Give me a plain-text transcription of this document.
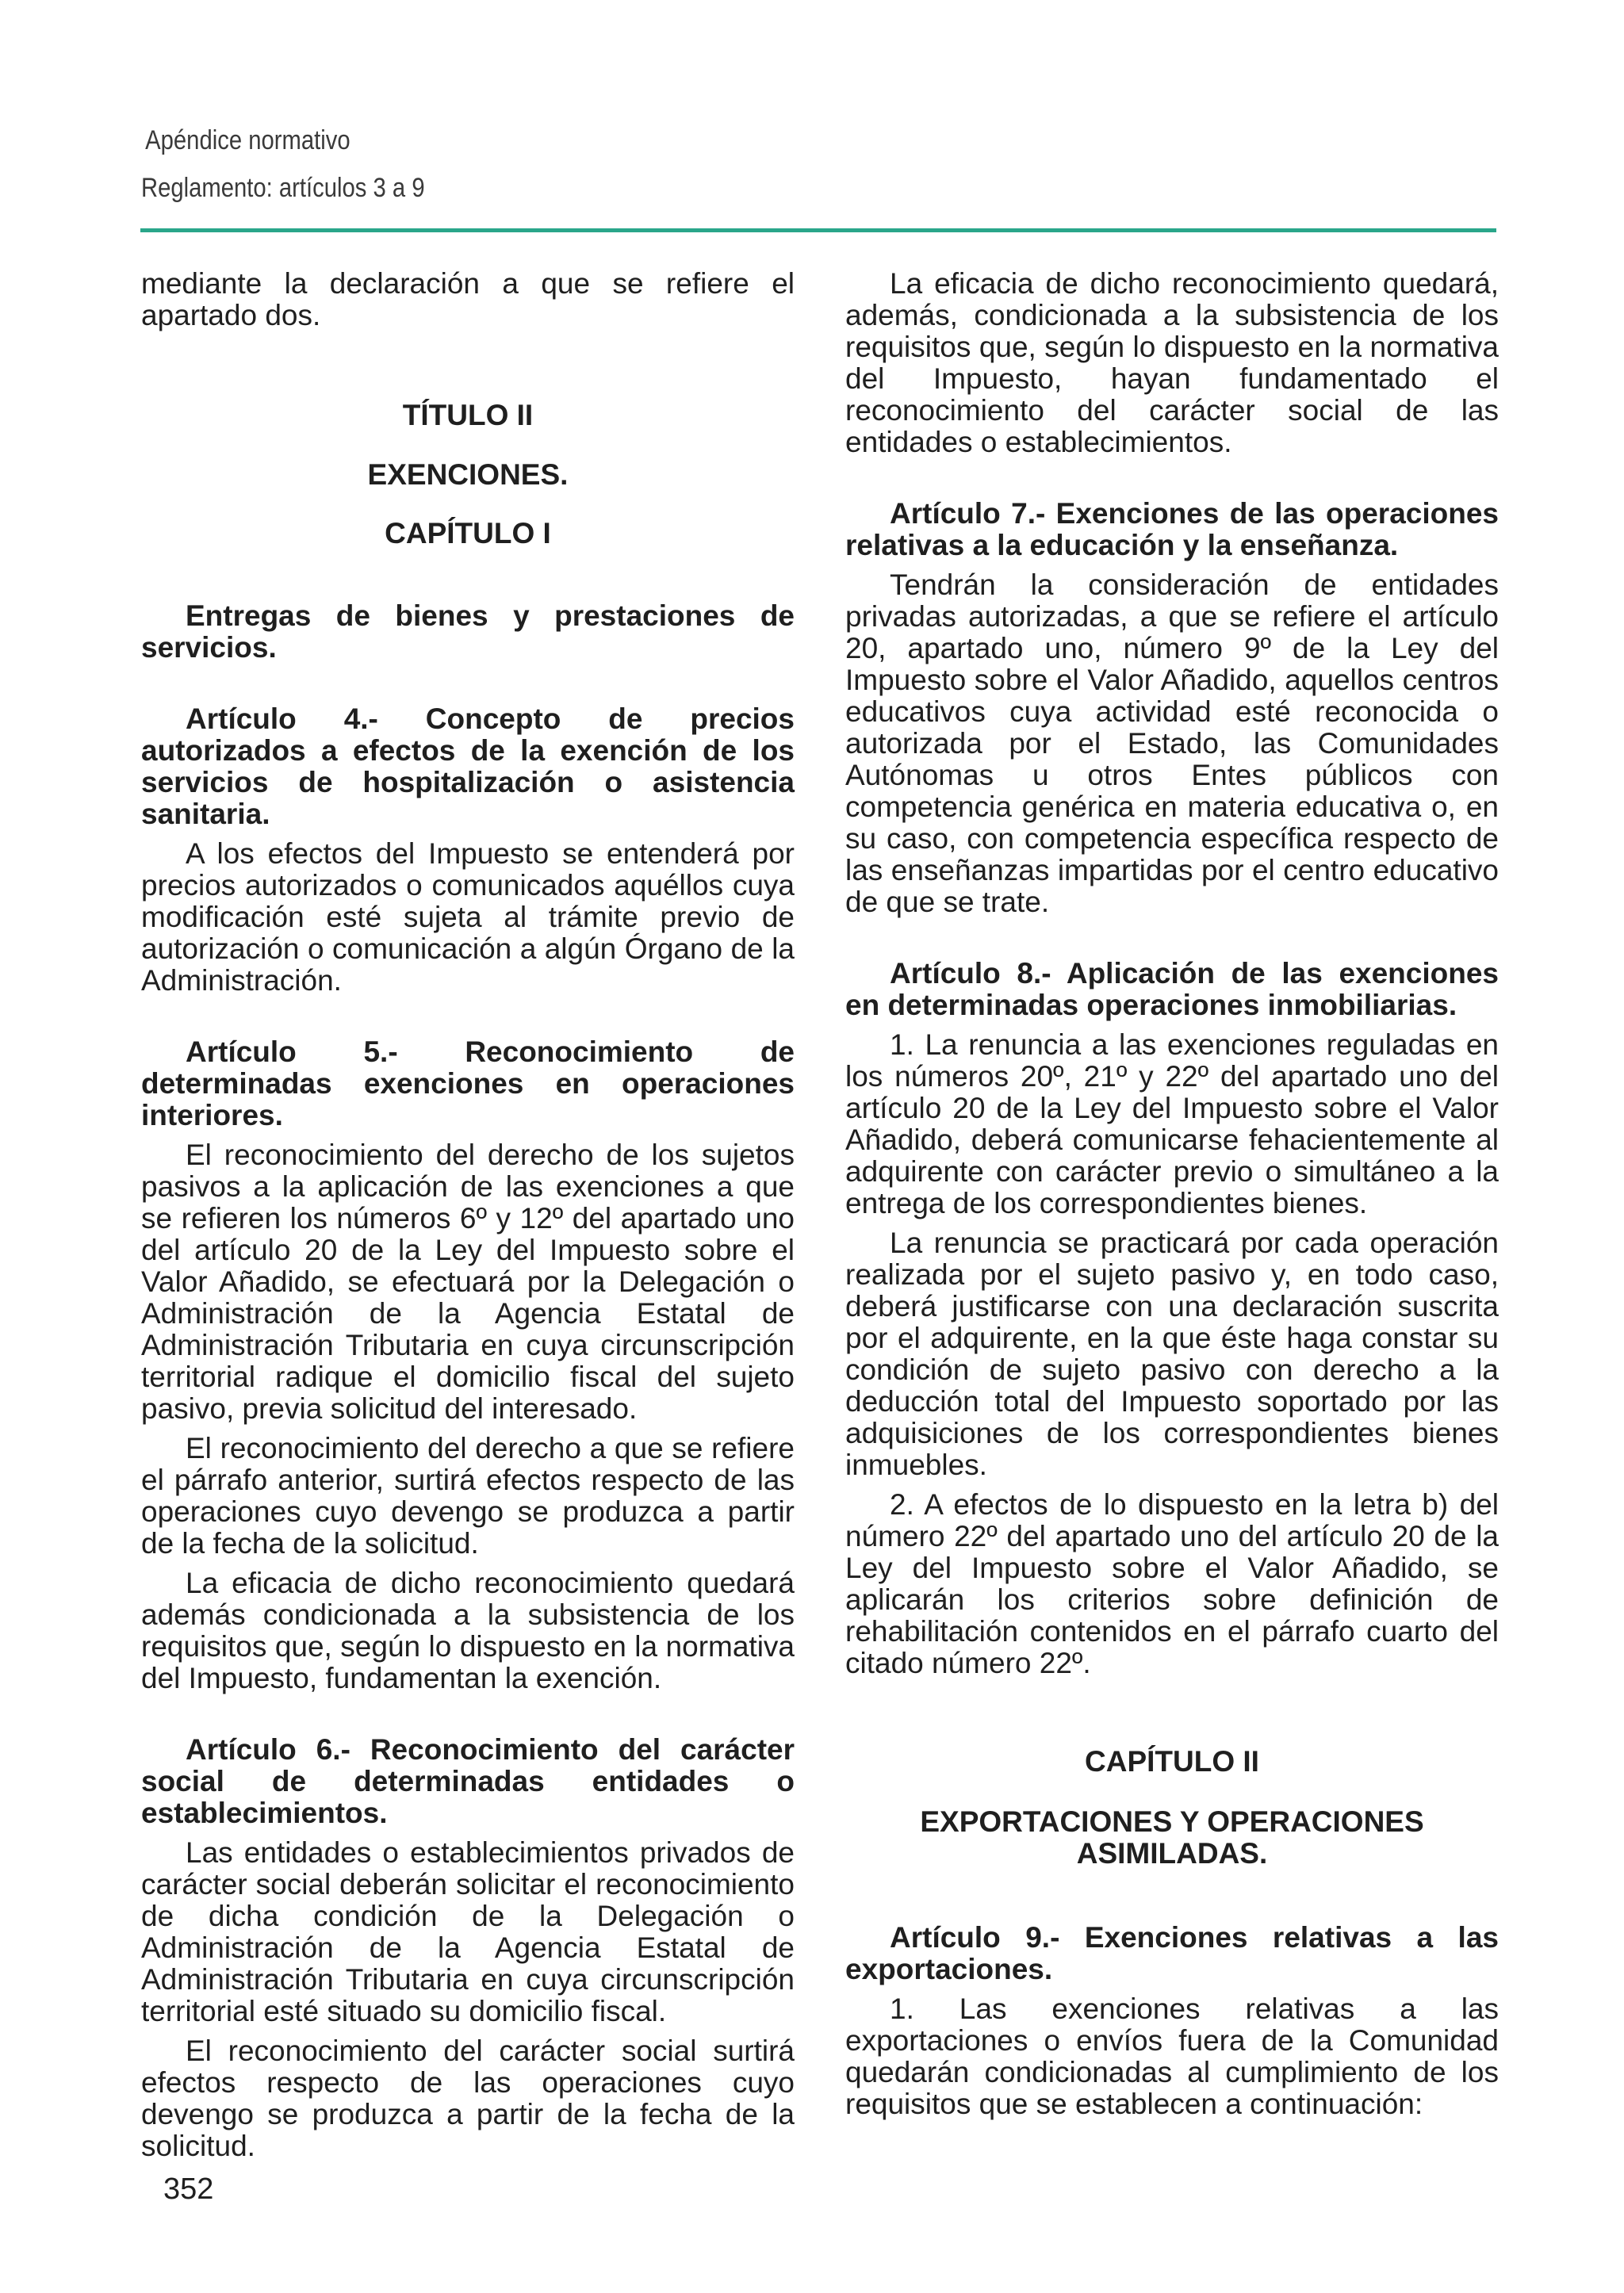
Apéndice normativo
Reglamento: artículos 3 a 9

mediante la declaración a que se refiere el apartado dos.

TÍTULO II

EXENCIONES.

CAPÍTULO I

Entregas de bienes y prestaciones de servicios.

Artículo 4.- Concepto de precios autorizados a efectos de la exención de los servicios de hospitalización o asistencia sanitaria.

A los efectos del Impuesto se entenderá por precios autorizados o comunicados aquéllos cuya modificación esté sujeta al trámite previo de autorización o comunicación a algún Órgano de la Administración.

Artículo 5.- Reconocimiento de determinadas exenciones en operaciones interiores.

El reconocimiento del derecho de los sujetos pasivos a la aplicación de las exenciones a que se refieren los números 6º y 12º del apartado uno del artículo 20 de la Ley del Impuesto sobre el Valor Añadido, se efectuará por la Delegación o Administración de la Agencia Estatal de Administración Tributaria en cuya circunscripción territorial radique el domicilio fiscal del sujeto pasivo, previa solicitud del interesado.

El reconocimiento del derecho a que se refiere el párrafo anterior, surtirá efectos respecto de las operaciones cuyo devengo se produzca a partir de la fecha de la solicitud.

La eficacia de dicho reconocimiento quedará además condicionada a la subsistencia de los requisitos que, según lo dispuesto en la normativa del Impuesto, fundamentan la exención.

Artículo 6.- Reconocimiento del carácter social de determinadas entidades o establecimientos.

Las entidades o establecimientos privados de carácter social deberán solicitar el reconocimiento de dicha condición de la Delegación o Administración de la Agencia Estatal de Administración Tributaria en cuya circunscripción territorial esté situado su domicilio fiscal.

El reconocimiento del carácter social surtirá efectos respecto de las operaciones cuyo devengo se produzca a partir de la fecha de la solicitud.

La eficacia de dicho reconocimiento quedará, además, condicionada a la subsistencia de los requisitos que, según lo dispuesto en la normativa del Impuesto, hayan fundamentado el reconocimiento del carácter social de las entidades o establecimientos.

Artículo 7.- Exenciones de las operaciones relativas a la educación y la enseñanza.

Tendrán la consideración de entidades privadas autorizadas, a que se refiere el artículo 20, apartado uno, número 9º de la Ley del Impuesto sobre el Valor Añadido, aquellos centros educativos cuya actividad esté reconocida o autorizada por el Estado, las Comunidades Autónomas u otros Entes públicos con competencia genérica en materia educativa o, en su caso, con competencia específica respecto de las enseñanzas impartidas por el centro educativo de que se trate.

Artículo 8.- Aplicación de las exenciones en determinadas operaciones inmobiliarias.

1. La renuncia a las exenciones reguladas en los números 20º, 21º y 22º del apartado uno del artículo 20 de la Ley del Impuesto sobre el Valor Añadido, deberá comunicarse fehacientemente al adquirente con carácter previo o simultáneo a la entrega de los correspondientes bienes.

La renuncia se practicará por cada operación realizada por el sujeto pasivo y, en todo caso, deberá justificarse con una declaración suscrita por el adquirente, en la que éste haga constar su condición de sujeto pasivo con derecho a la deducción total del Impuesto soportado por las adquisiciones de los correspondientes bienes inmuebles.

2. A efectos de lo dispuesto en la letra b) del número 22º del apartado uno del artículo 20 de la Ley del Impuesto sobre el Valor Añadido, se aplicarán los criterios sobre definición de rehabilitación contenidos en el párrafo cuarto del citado número 22º.

CAPÍTULO II

EXPORTACIONES Y OPERACIONES ASIMILADAS.

Artículo 9.- Exenciones relativas a las exportaciones.

1. Las exenciones relativas a las exportaciones o envíos fuera de la Comunidad quedarán condicionadas al cumplimiento de los requisitos que se establecen a continuación:

352
